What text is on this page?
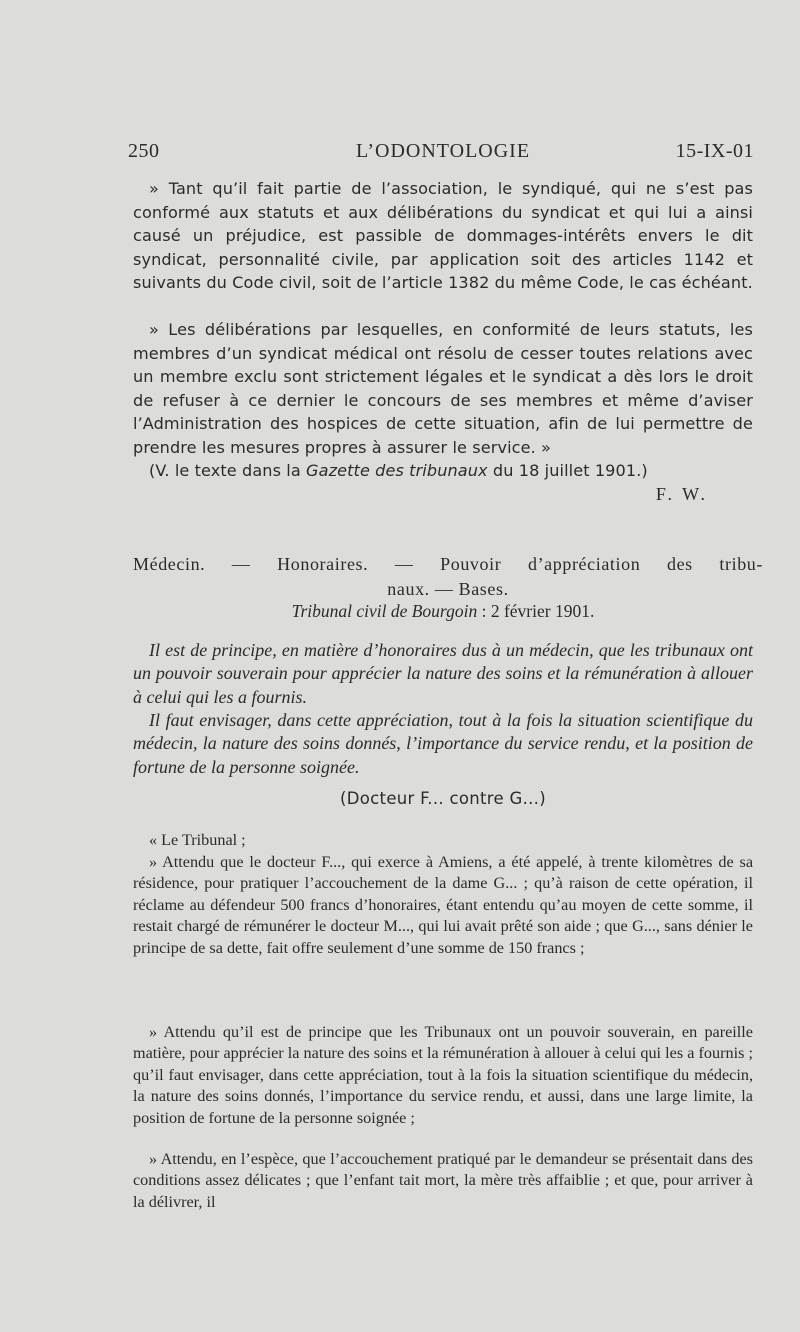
250	L’ODONTOLOGIE	15-IX-01

» Tant qu’il fait partie de l’association, le syndiqué, qui ne s’est pas conformé aux statuts et aux délibérations du syndicat et qui lui a ainsi causé un préjudice, est passible de dommages-intérêts envers le dit syndicat, personnalité civile, par application soit des articles 1142 et suivants du Code civil, soit de l’article 1382 du même Code, le cas échéant.

» Les délibérations par lesquelles, en conformité de leurs statuts, les membres d’un syndicat médical ont résolu de cesser toutes relations avec un membre exclu sont strictement légales et le syndicat a dès lors le droit de refuser à ce dernier le concours de ses membres et même d’aviser l’Administration des hospices de cette situation, afin de lui permettre de prendre les mesures propres à assurer le service. »

(V. le texte dans la Gazette des tribunaux du 18 juillet 1901.)

F. W.
Médecin. — Honoraires. — Pouvoir d’appréciation des tribu-
naux. — Bases.
Tribunal civil de Bourgoin : 2 février 1901.

Il est de principe, en matière d’honoraires dus à un médecin, que les tribunaux ont un pouvoir souverain pour apprécier la nature des soins et la rémunération à allouer à celui qui les a fournis.

Il faut envisager, dans cette appréciation, tout à la fois la situation scientifique du médecin, la nature des soins donnés, l’importance du service rendu, et la position de fortune de la personne soignée.

(Docteur F... contre G...)

« Le Tribunal ;

» Attendu que le docteur F..., qui exerce à Amiens, a été appelé, à trente kilomètres de sa résidence, pour pratiquer l’accouchement de la dame G... ; qu’à raison de cette opération, il réclame au défendeur 500 francs d’honoraires, étant entendu qu’au moyen de cette somme, il restait chargé de rémunérer le docteur M..., qui lui avait prêté son aide ; que G..., sans dénier le principe de sa dette, fait offre seulement d’une somme de 150 francs ;

» Attendu qu’il est de principe que les Tribunaux ont un pouvoir souverain, en pareille matière, pour apprécier la nature des soins et la rémunération à allouer à celui qui les a fournis ; qu’il faut envisager, dans cette appréciation, tout à la fois la situation scientifique du médecin, la nature des soins donnés, l’importance du service rendu, et aussi, dans une large limite, la position de fortune de la personne soignée ;

» Attendu, en l’espèce, que l’accouchement pratiqué par le demandeur se présentait dans des conditions assez délicates ; que l’enfant tait mort, la mère très affaiblie ; et que, pour arriver à la délivrer, il
